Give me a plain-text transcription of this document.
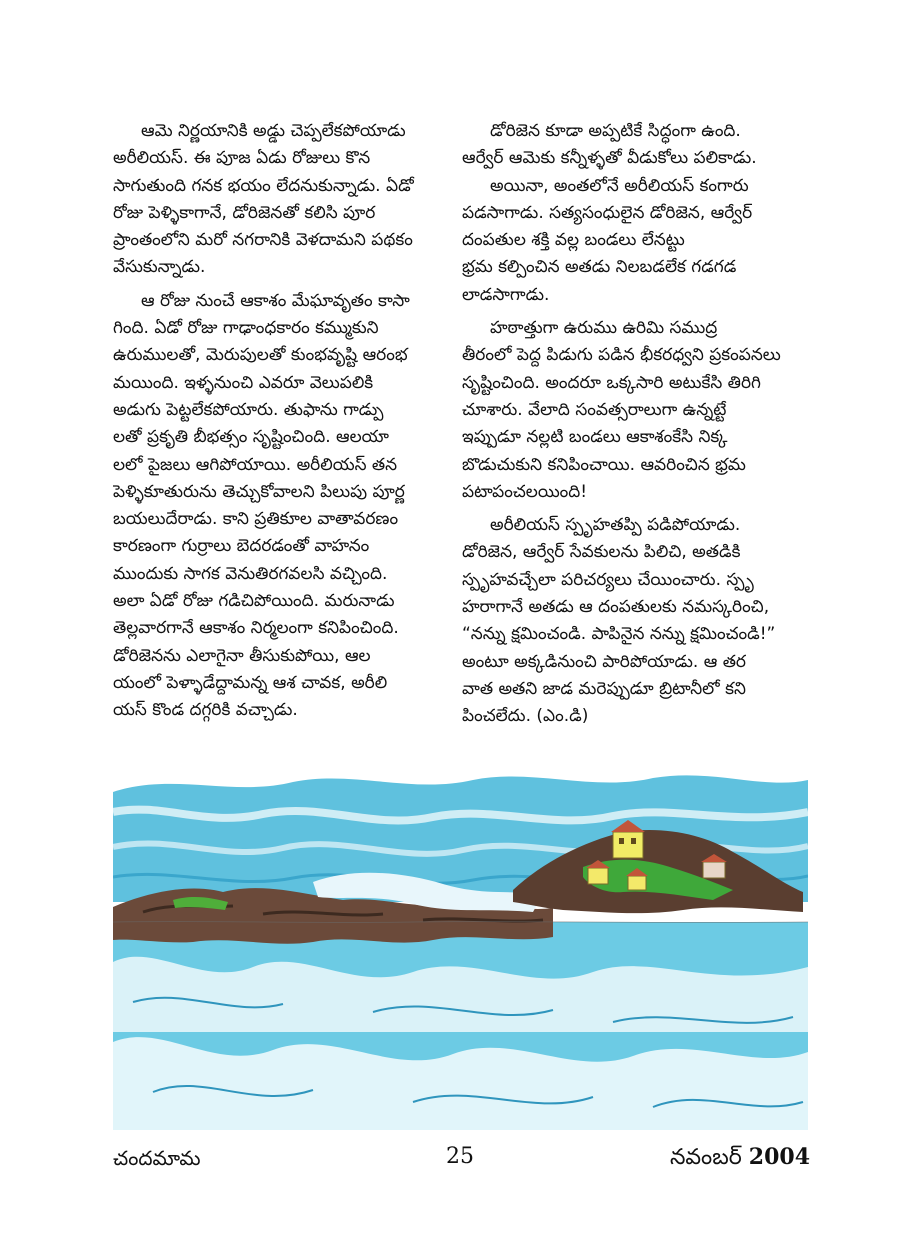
ఆమె నిర్ణయానికి అడ్డు చెప్పలేకపోయాడు
అరీలియస్. ఈ పూజ ఏడు రోజులు కొన
సాగుతుంది గనక భయం లేదనుకున్నాడు. ఏడో
రోజు పెళ్ళికాగానే, డోరిజెనతో కలిసి పూర
ప్రాంతంలోని మరో నగరానికి వెళదామని పథకం
వేసుకున్నాడు.

ఆ రోజు నుంచే ఆకాశం మేఘావృతం కాసా
గింది. ఏడో రోజు గాఢాంధకారం కమ్ముకుని
ఉరుములతో, మెరుపులతో కుంభవృష్టి ఆరంభ
మయింది. ఇళ్ళనుంచి ఎవరూ వెలుపలికి
అడుగు పెట్టలేకపోయారు. తుఫాను గాడ్పు
లతో ప్రకృతి బీభత్సం సృష్టించింది. ఆలయా
లలో పైజలు ఆగిపోయాయి. అరీలియస్ తన
పెళ్ళికూతురును తెచ్చుకోవాలని పిలుపు పూర్ణ
బయలుదేరాడు. కాని ప్రతికూల వాతావరణం
కారణంగా గుర్రాలు బెదరడంతో వాహనం
ముందుకు సాగక వెనుతిరగవలసి వచ్చింది.
అలా ఏడో రోజు గడిచిపోయింది. మరునాడు
తెల్లవారగానే ఆకాశం నిర్మలంగా కనిపించింది.
డోరిజెనను ఎలాగైనా తీసుకుపోయి, ఆల
యంలో పెళ్ళాడేద్దామన్న ఆశ చావక, అరీలి
యస్ కొండ దగ్గరికి వచ్చాడు.

డోరిజెన కూడా అప్పటికే సిద్ధంగా ఉంది.
ఆర్వేర్ ఆమెకు కన్నీళ్ళతో వీడుకోలు పలికాడు.

అయినా, అంతలోనే అరీలియస్ కంగారు
పడసాగాడు. సత్యసంధులైన డోరిజెన, ఆర్వేర్
దంపతుల శక్తి వల్ల బండలు లేనట్టు
భ్రమ కల్పించిన అతడు నిలబడలేక గడగడ
లాడసాగాడు.

హఠాత్తుగా ఉరుము ఉరిమి సముద్ర
తీరంలో పెద్ద పిడుగు పడిన భీకరధ్వని ప్రకంపనలు
సృష్టించింది. అందరూ ఒక్కసారి అటుకేసి తిరిగి
చూశారు. వేలాది సంవత్సరాలుగా ఉన్నట్టే
ఇప్పుడూ నల్లటి బండలు ఆకాశంకేసి నిక్క
బొడుచుకుని కనిపించాయి. ఆవరించిన భ్రమ
పటాపంచలయింది!

అరీలియస్ స్పృహతప్పి పడిపోయాడు.
డోరిజెన, ఆర్వేర్ సేవకులను పిలిచి, అతడికి
స్పృహవచ్చేలా పరిచర్యలు చేయించారు. స్పృ
హరాగానే అతడు ఆ దంపతులకు నమస్కరించి,
“నన్ను క్షమించండి. పాపినైన నన్ను క్షమించండి!”
అంటూ అక్కడినుంచి పారిపోయాడు. ఆ తర
వాత అతని జాడ మరెప్పుడూ బ్రిటానీలో కని
పించలేదు. (ఎం.డి)

చందమామ	25	నవంబర్ 2004
